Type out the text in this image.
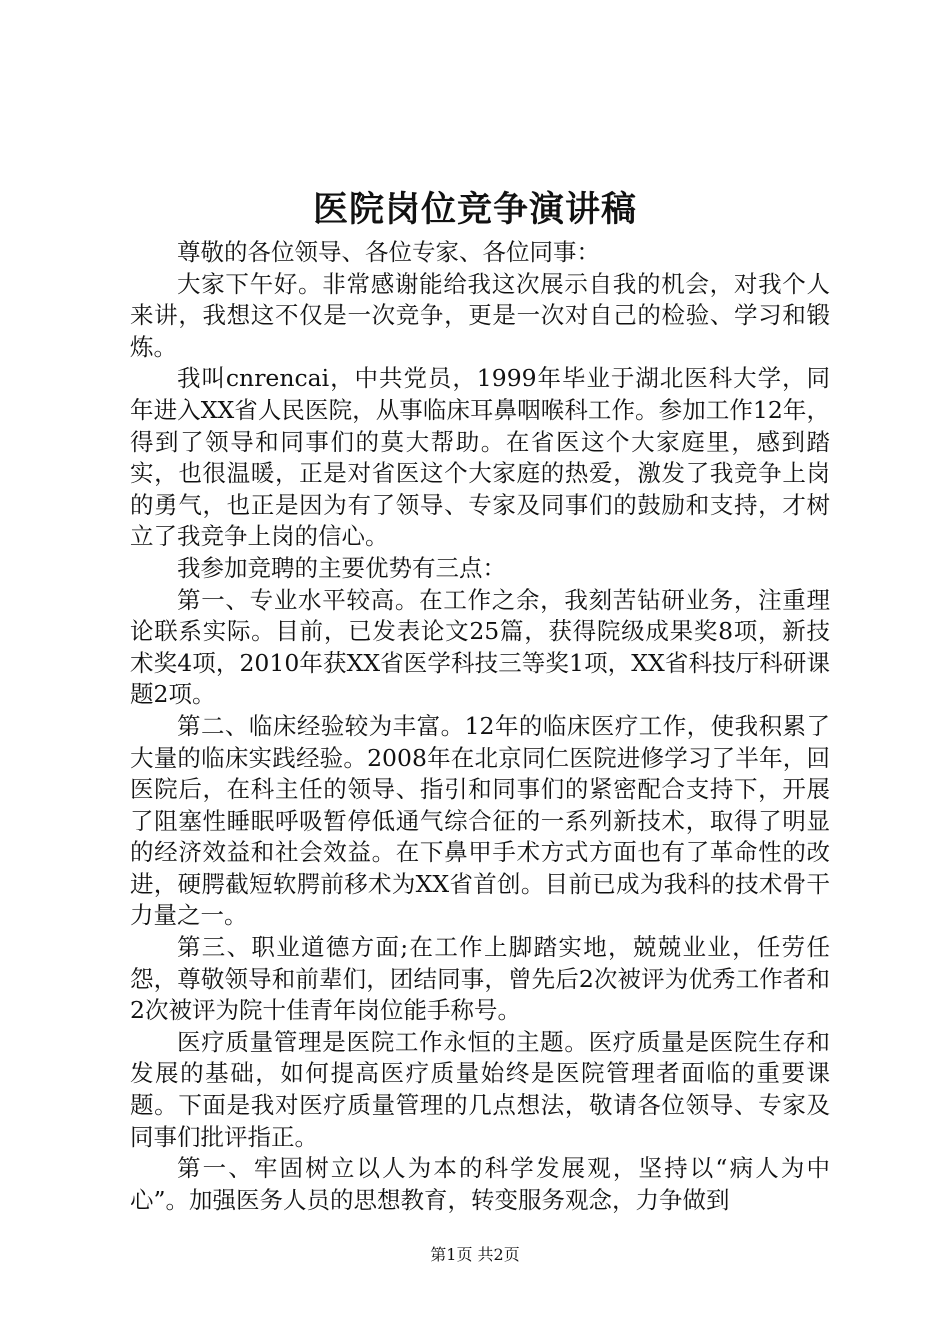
医院岗位竞争演讲稿

尊敬的各位领导、各位专家、各位同事：

大家下午好。非常感谢能给我这次展示自我的机会，对我个人来讲，我想这不仅是一次竞争，更是一次对自己的检验、学习和锻炼。

我叫cnrencai，中共党员，1999年毕业于湖北医科大学，同年进入XX省人民医院，从事临床耳鼻咽喉科工作。参加工作12年，得到了领导和同事们的莫大帮助。在省医这个大家庭里，感到踏实，也很温暖，正是对省医这个大家庭的热爱，激发了我竞争上岗的勇气，也正是因为有了领导、专家及同事们的鼓励和支持，才树立了我竞争上岗的信心。

我参加竞聘的主要优势有三点：

第一、专业水平较高。在工作之余，我刻苦钻研业务，注重理论联系实际。目前，已发表论文25篇，获得院级成果奖8项，新技术奖4项，2010年获XX省医学科技三等奖1项，XX省科技厅科研课题2项。

第二、临床经验较为丰富。12年的临床医疗工作，使我积累了大量的临床实践经验。2008年在北京同仁医院进修学习了半年，回医院后，在科主任的领导、指引和同事们的紧密配合支持下，开展了阻塞性睡眠呼吸暂停低通气综合征的一系列新技术，取得了明显的经济效益和社会效益。在下鼻甲手术方式方面也有了革命性的改进，硬腭截短软腭前移术为XX省首创。目前已成为我科的技术骨干力量之一。

第三、职业道德方面;在工作上脚踏实地，兢兢业业，任劳任怨，尊敬领导和前辈们，团结同事，曾先后2次被评为优秀工作者和2次被评为院十佳青年岗位能手称号。

医疗质量管理是医院工作永恒的主题。医疗质量是医院生存和发展的基础，如何提高医疗质量始终是医院管理者面临的重要课题。下面是我对医疗质量管理的几点想法，敬请各位领导、专家及同事们批评指正。

第一、牢固树立以人为本的科学发展观，坚持以“病人为中心”。加强医务人员的思想教育，转变服务观念，力争做到

第1页 共2页
